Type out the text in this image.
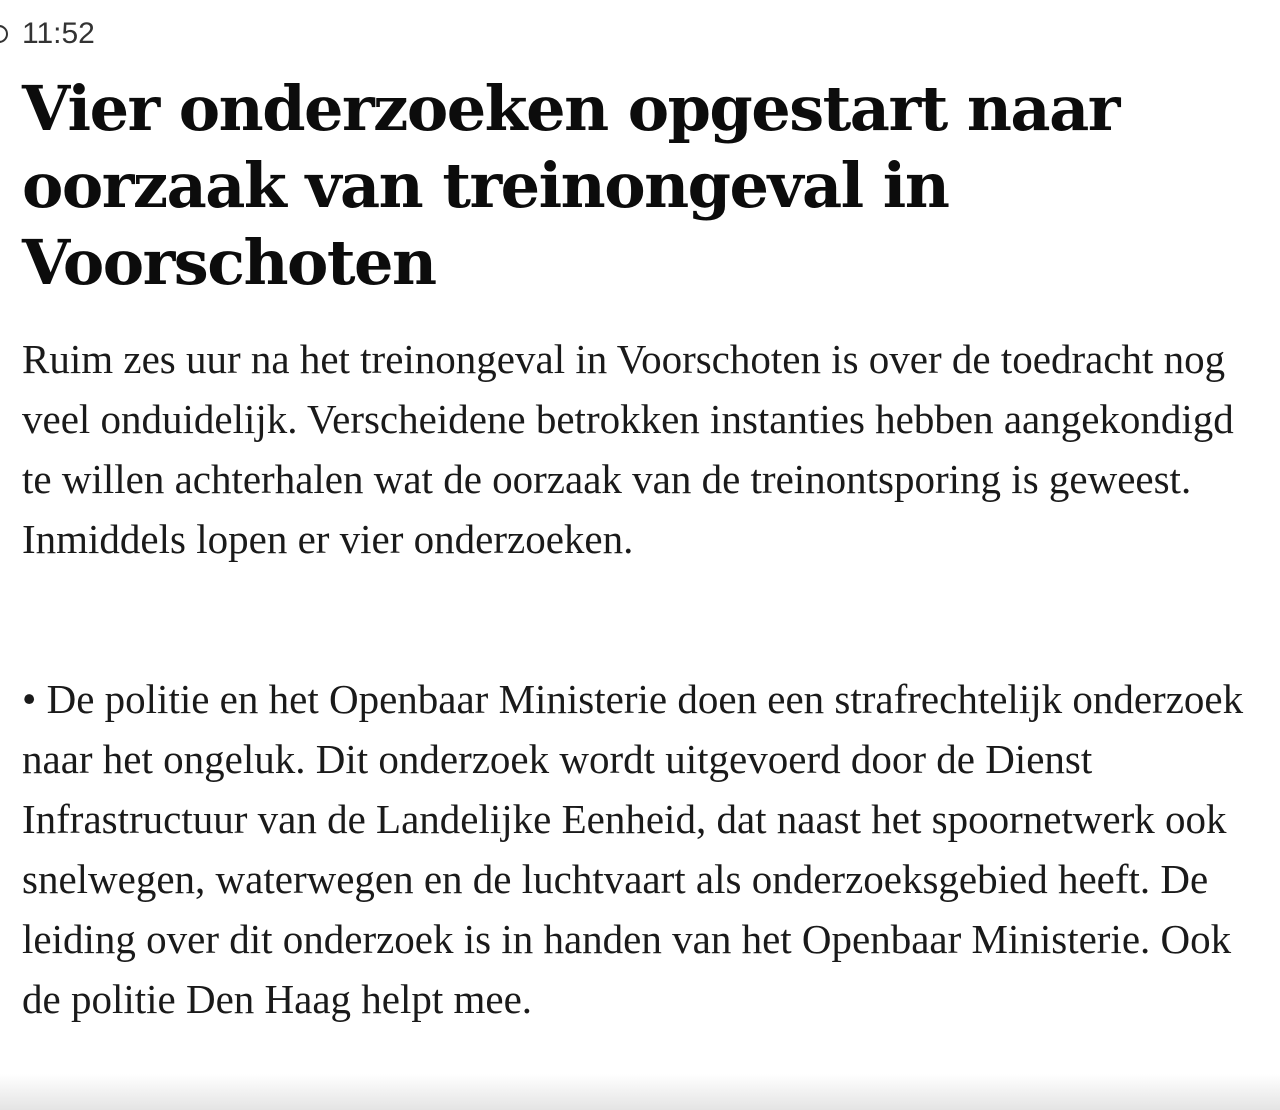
11:52
Vier onderzoeken opgestart naar oorzaak van treinongeval in Voorschoten

Ruim zes uur na het treinongeval in Voorschoten is over de toedracht nog veel onduidelijk. Verscheidene betrokken instanties hebben aangekondigd te willen achterhalen wat de oorzaak van de treinontsporing is geweest. Inmiddels lopen er vier onderzoeken.

• De politie en het Openbaar Ministerie doen een strafrechtelijk onderzoek naar het ongeluk. Dit onderzoek wordt uitgevoerd door de Dienst Infrastructuur van de Landelijke Eenheid, dat naast het spoornetwerk ook snelwegen, waterwegen en de luchtvaart als onderzoeksgebied heeft. De leiding over dit onderzoek is in handen van het Openbaar Ministerie. Ook de politie Den Haag helpt mee.
